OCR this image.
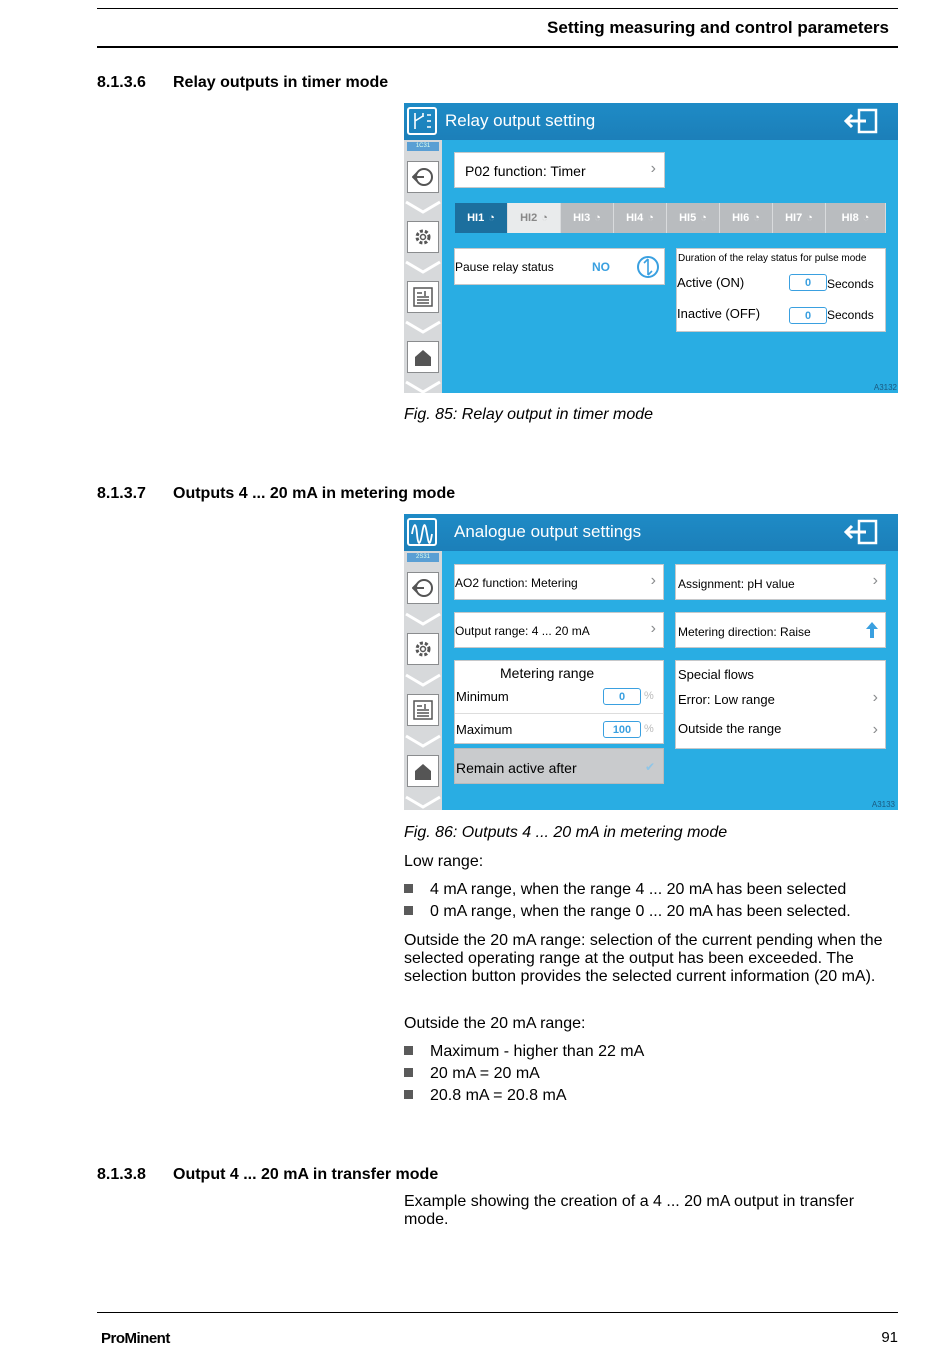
Setting measuring and control parameters
8.1.3.6 Relay outputs in timer mode
Relay output setting
1C31
P02 function: Timer	›
HI1 ◔ HI2 ◔ HI3 ◔ HI4 ◔ HI5 ◔ HI6 ◔ HI7 ◔	HI8 ◔
Pause relay status	NO
Duration of the relay status for pulse mode
Active (ON)	0	Seconds
Inactive (OFF)	0	Seconds
A3132
Fig. 85: Relay output in timer mode
8.1.3.7 Outputs 4 ... 20 mA in metering mode
Analogue output settings
2S31
AO2 function: Metering	› Assignment: pH value	›
Output range: 4 ... 20 mA	› Metering direction: Raise
Metering range
Minimum	0	%
Maximum	100	%
Remain active after	✔
Special flows
Error: Low range	›
Outside the range	›
A3133
Fig. 86: Outputs 4 ... 20 mA in metering mode
Low range:
4 mA range, when the range 4 ... 20 mA has been selected
0 mA range, when the range 0 ... 20 mA has been selected.
Outside the 20 mA range: selection of the current pending when the selected operating range at the output has been exceeded. The selection button provides the selected current information (20 mA).
Outside the 20 mA range:
Maximum - higher than 22 mA
20 mA = 20 mA
20.8 mA = 20.8 mA
8.1.3.8 Output 4 ... 20 mA in transfer mode
Example showing the creation of a 4 ... 20 mA output in transfer mode.
ProMinent	91
